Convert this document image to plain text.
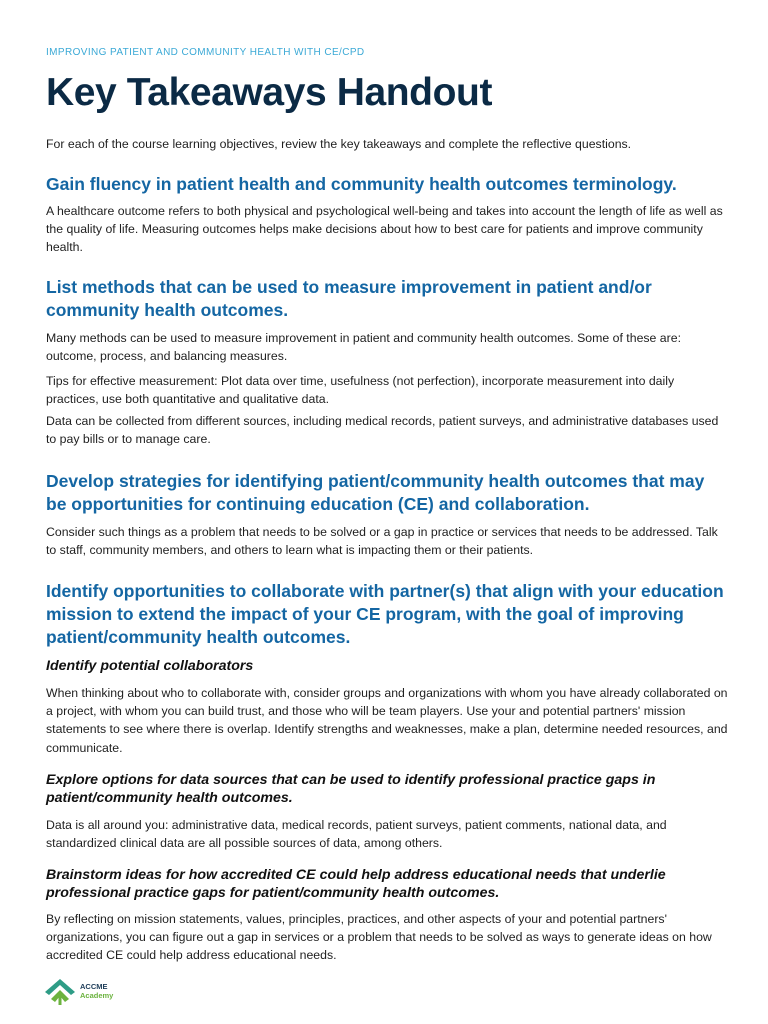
IMPROVING PATIENT AND COMMUNITY HEALTH WITH CE/CPD
Key Takeaways Handout

For each of the course learning objectives, review the key takeaways and complete the reflective questions.

Gain fluency in patient health and community health outcomes terminology.

A healthcare outcome refers to both physical and psychological well-being and takes into account the length of life as well as the quality of life. Measuring outcomes helps make decisions about how to best care for patients and improve community health.

List methods that can be used to measure improvement in patient and/or community health outcomes.

Many methods can be used to measure improvement in patient and community health outcomes. Some of these are: outcome, process, and balancing measures.

Tips for effective measurement: Plot data over time, usefulness (not perfection), incorporate measurement into daily practices, use both quantitative and qualitative data.

Data can be collected from different sources, including medical records, patient surveys, and administrative databases used to pay bills or to manage care.

Develop strategies for identifying patient/community health outcomes that may be opportunities for continuing education (CE) and collaboration.

Consider such things as a problem that needs to be solved or a gap in practice or services that needs to be addressed. Talk to staff, community members, and others to learn what is impacting them or their patients.

Identify opportunities to collaborate with partner(s) that align with your education mission to extend the impact of your CE program, with the goal of improving patient/community health outcomes.
Identify potential collaborators

When thinking about who to collaborate with, consider groups and organizations with whom you have already collaborated on a project, with whom you can build trust, and those who will be team players. Use your and potential partners' mission statements to see where there is overlap. Identify strengths and weaknesses, make a plan, determine needed resources, and communicate.

Explore options for data sources that can be used to identify professional practice gaps in patient/community health outcomes.

Data is all around you: administrative data, medical records, patient surveys, patient comments, national data, and standardized clinical data are all possible sources of data, among others.

Brainstorm ideas for how accredited CE could help address educational needs that underlie professional practice gaps for patient/community health outcomes.

By reflecting on mission statements, values, principles, practices, and other aspects of your and potential partners' organizations, you can figure out a gap in services or a problem that needs to be solved as ways to generate ideas on how accredited CE could help address educational needs.

ACCME
Academy
